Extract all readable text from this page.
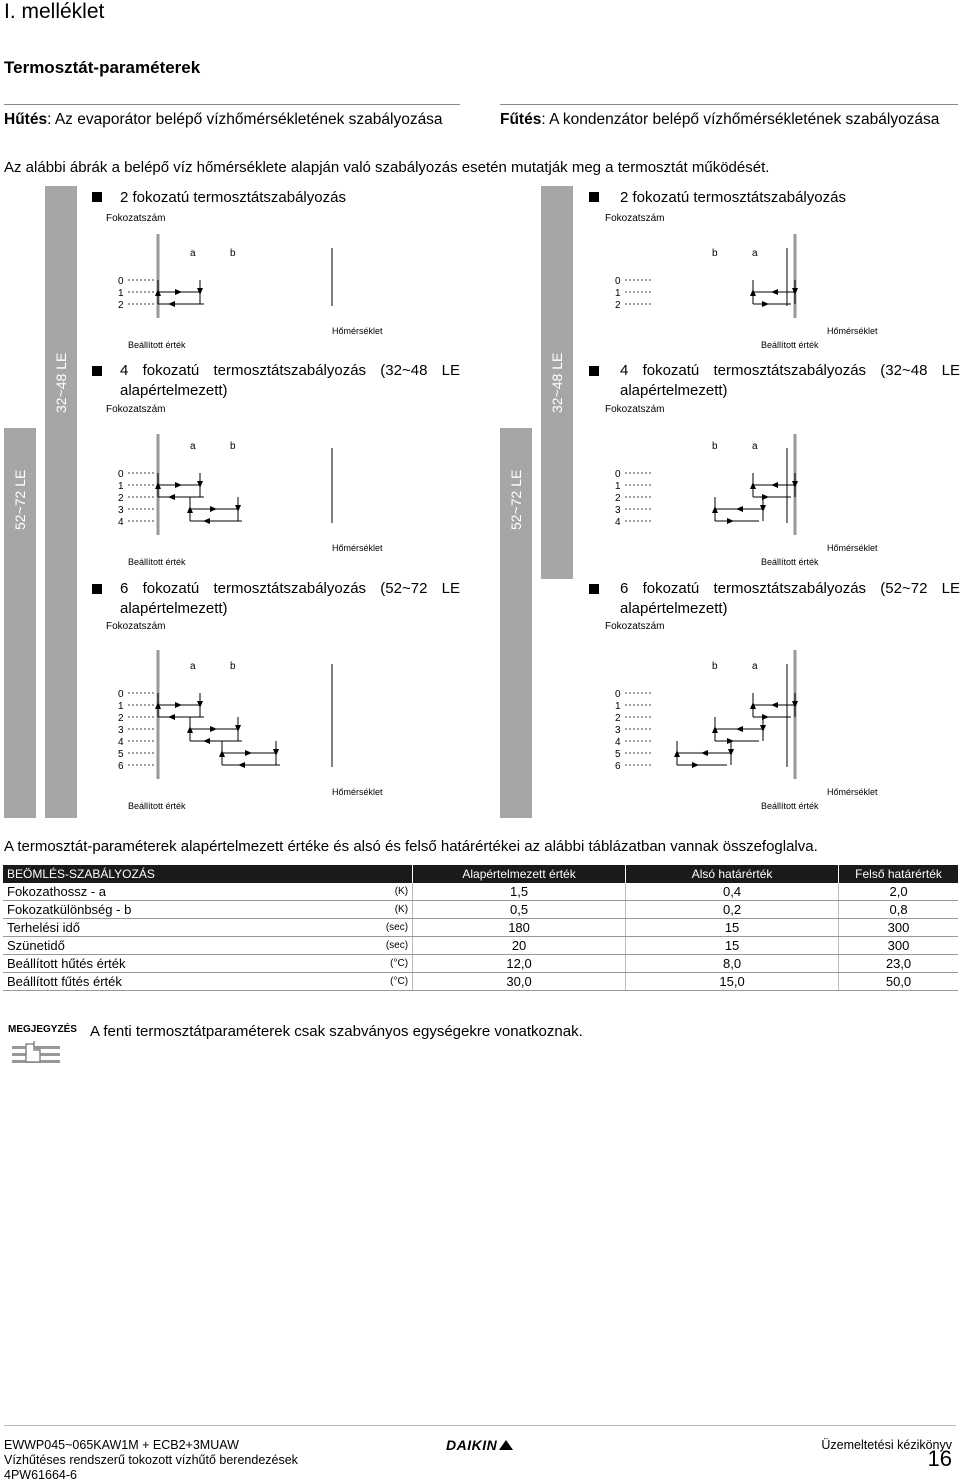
I. melléklet
Termosztát-paraméterek
Hűtés: Az evaporátor belépő vízhőmérsékletének szabályozása	Fűtés: A kondenzátor belépő vízhőmérsékletének szabályozása
Az alábbi ábrák a belépő víz hőmérséklete alapján való szabályozás esetén mutatják meg a termosztát működését.
52~72 LE
32~48 LE
52~72 LE
32~48 LE
2 fokozatú termosztátszabályozás
Fokozatszám
4 fokozatú termosztátszabályozás (32~48 LE alapértelmezett)
Fokozatszám
6 fokozatú termosztátszabályozás (52~72 LE alapértelmezett)
Fokozatszám
2 fokozatú termosztátszabályozás
Fokozatszám
4 fokozatú termosztátszabályozás (32~48 LE alapértelmezett)
Fokozatszám
6 fokozatú termosztátszabályozás (52~72 LE alapértelmezett)
Fokozatszám
0
1
2
a	b
Hőmérséklet
Beállított érték
0
1
2
3
4
a	b
Hőmérséklet
Beállított érték
0
1
2
3
4
5
6
a	b
Hőmérséklet
Beállított érték
0
1
2
a
b
Hőmérséklet
Beállított érték
0
1
2
3
4
a
b
Hőmérséklet
Beállított érték
0
1
2
3
4
5
6
a
b
Hőmérséklet
Beállított érték
A termosztát-paraméterek alapértelmezett értéke és alsó és felső határértékei az alábbi táblázatban vannak összefoglalva.
BEÖMLÉS-SZABÁLYOZÁS		Alapértelmezett érték	Alsó határérték	Felső határérték
Fokozathossz - a	(K)	1,5	0,4	2,0
Fokozatkülönbség - b	(K)	0,5	0,2	0,8
Terhelési idő	(sec)	180	15	300
Szünetidő	(sec)	20	15	300
Beállított hűtés érték	(°C)	12,0	8,0	23,0
Beállított fűtés érték	(°C)	30,0	15,0	50,0
MEGJEGYZÉS A fenti termosztátparaméterek csak szabványos egységekre vonatkoznak.
EWWP045~065KAW1M + ECB2+3MUAW
Vízhűtéses rendszerű tokozott vízhűtő berendezések
4PW61664-6
DAIKIN	Üzemeltetési kézikönyv
16
